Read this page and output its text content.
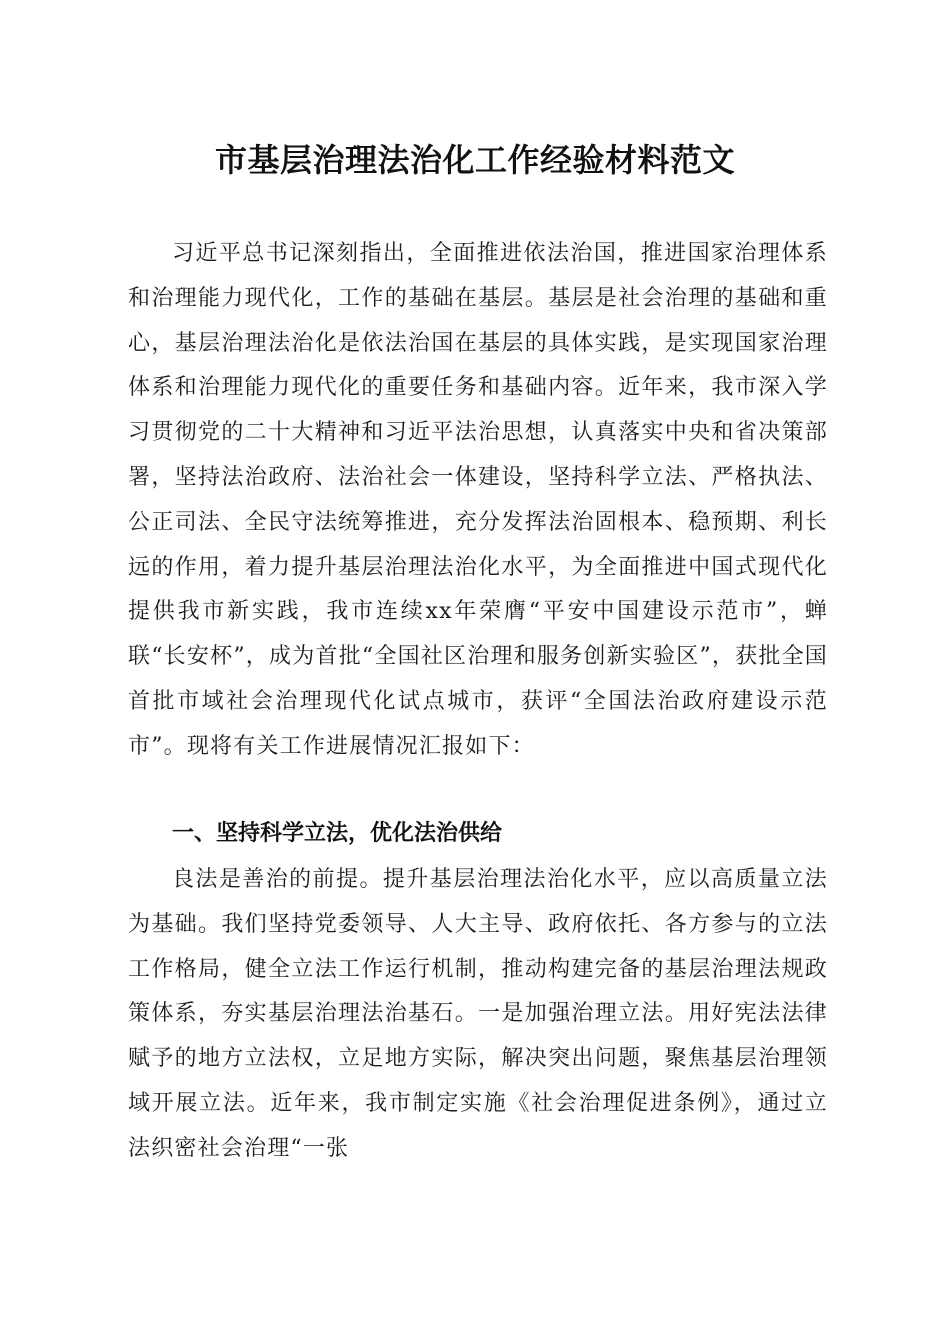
市基层治理法治化工作经验材料范文

习近平总书记深刻指出，全面推进依法治国，推进国家治理体系和治理能力现代化，工作的基础在基层。基层是社会治理的基础和重心，基层治理法治化是依法治国在基层的具体实践，是实现国家治理体系和治理能力现代化的重要任务和基础内容。近年来，我市深入学习贯彻党的二十大精神和习近平法治思想，认真落实中央和省决策部署，坚持法治政府、法治社会一体建设，坚持科学立法、严格执法、公正司法、全民守法统筹推进，充分发挥法治固根本、稳预期、利长远的作用，着力提升基层治理法治化水平，为全面推进中国式现代化提供我市新实践，我市连续xx年荣膺“平安中国建设示范市”，蝉联“长安杯”，成为首批“全国社区治理和服务创新实验区”，获批全国首批市域社会治理现代化试点城市，获评“全国法治政府建设示范市”。现将有关工作进展情况汇报如下：

一、坚持科学立法，优化法治供给

良法是善治的前提。提升基层治理法治化水平，应以高质量立法为基础。我们坚持党委领导、人大主导、政府依托、各方参与的立法工作格局，健全立法工作运行机制，推动构建完备的基层治理法规政策体系，夯实基层治理法治基石。一是加强治理立法。用好宪法法律赋予的地方立法权，立足地方实际，解决突出问题，聚焦基层治理领域开展立法。近年来，我市制定实施《社会治理促进条例》，通过立法织密社会治理“一张
